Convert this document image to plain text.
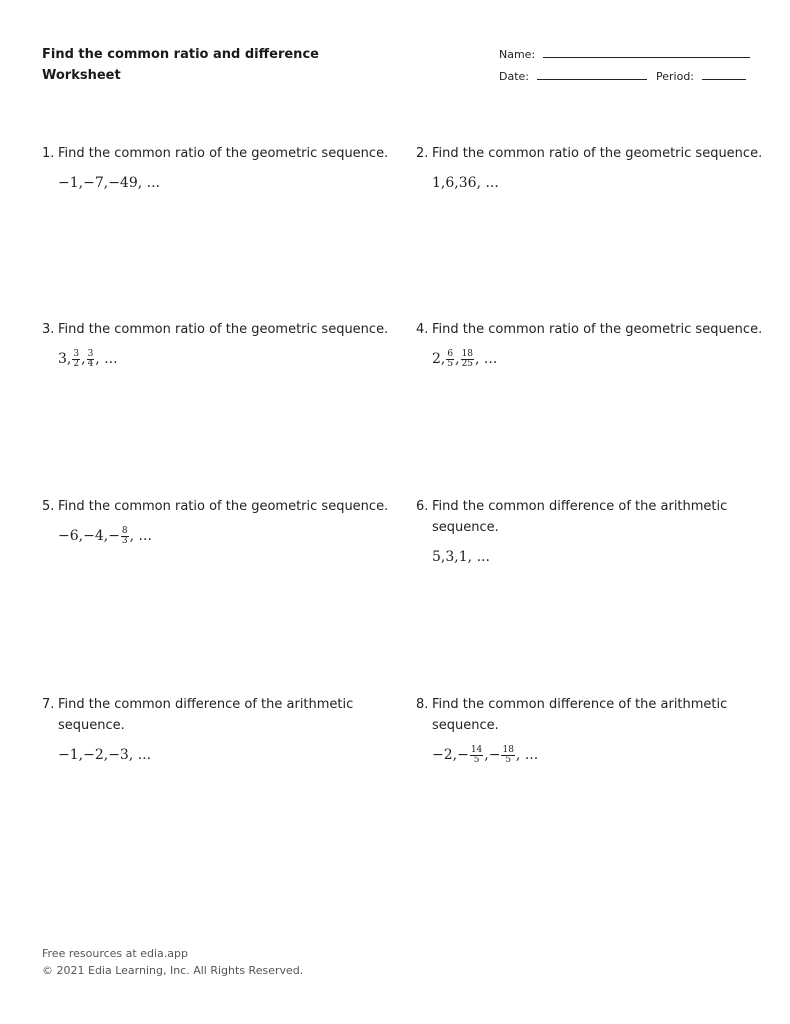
Find the common ratio and difference
Worksheet
Name:
Date:	Period:
1. Find the common ratio of the geometric sequence.
−1 , −7 , −49 , ...
2. Find the common ratio of the geometric sequence.
1 , 6 , 36 , ...
3. Find the common ratio of the geometric sequence.
3 , $\frac{3}{2}$ , $\frac{3}{4}$ , ...
4. Find the common ratio of the geometric sequence.
2 , $\frac{6}{5}$ , $\frac{18}{25}$ , ...
5. Find the common ratio of the geometric sequence.
−6 , −4 , − $\frac{8}{3}$ , ...
6. Find the common difference of the arithmetic sequence.
5 , 3 , 1 , ...
7. Find the common difference of the arithmetic sequence.
−1 , −2 , −3 , ...
8. Find the common difference of the arithmetic sequence.
−2 , − $\frac{14}{5}$ , − $\frac{18}{5}$ , ...
Free resources at edia.app
© 2021 Edia Learning, Inc. All Rights Reserved.
